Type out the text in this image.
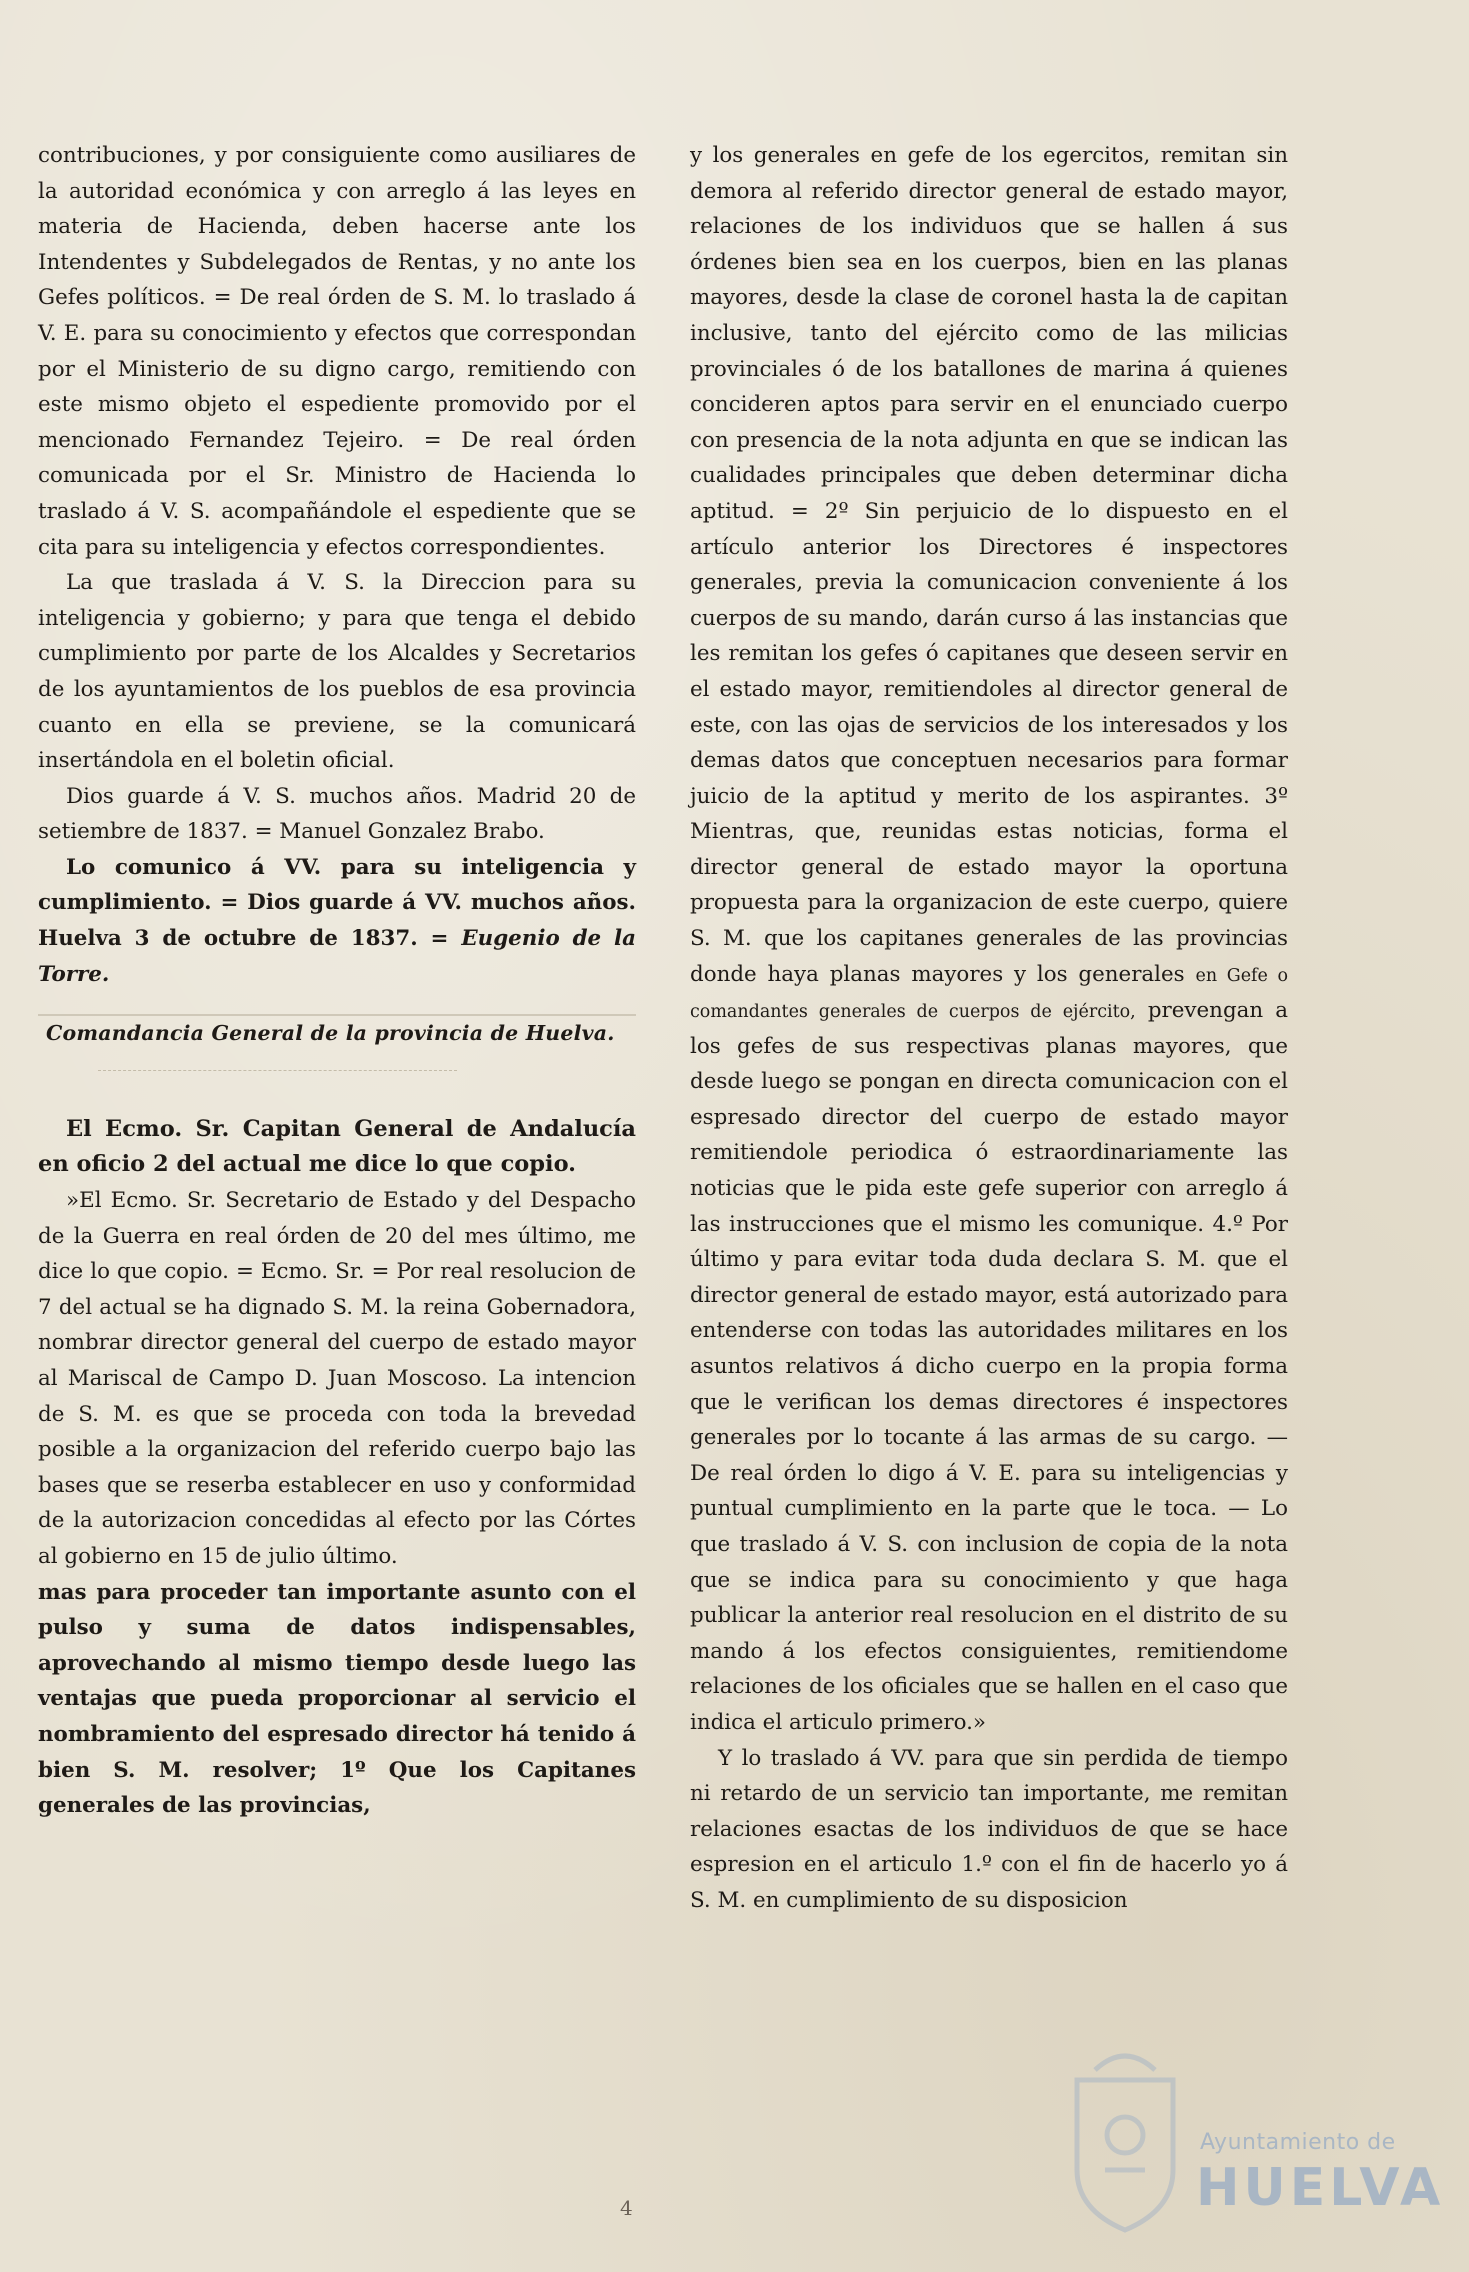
contribuciones, y por consiguiente como ausiliares de la autoridad económica y con arreglo á las leyes en materia de Hacienda, deben hacerse ante los Intendentes y Subdelegados de Rentas, y no ante los Gefes políticos. = De real órden de S. M. lo traslado á V. E. para su conocimiento y efectos que correspondan por el Ministerio de su digno cargo, remitiendo con este mismo objeto el espediente promovido por el mencionado Fernandez Tejeiro. = De real órden comunicada por el Sr. Ministro de Hacienda lo traslado á V. S. acompañándole el espediente que se cita para su inteligencia y efectos correspondientes.

La que traslada á V. S. la Direccion para su inteligencia y gobierno; y para que tenga el debido cumplimiento por parte de los Alcaldes y Secretarios de los ayuntamientos de los pueblos de esa provincia cuanto en ella se previene, se la comunicará insertándola en el boletin oficial.

Dios guarde á V. S. muchos años. Madrid 20 de setiembre de 1837. = Manuel Gonzalez Brabo.

Lo comunico á VV. para su inteligencia y cumplimiento. = Dios guarde á VV. muchos años. Huelva 3 de octubre de 1837. = Eugenio de la Torre.

Comandancia General de la provincia de Huelva.

El Ecmo. Sr. Capitan General de Andalucía en oficio 2 del actual me dice lo que copio.

»El Ecmo. Sr. Secretario de Estado y del Despacho de la Guerra en real órden de 20 del mes último, me dice lo que copio. = Ecmo. Sr. = Por real resolucion de 7 del actual se ha dignado S. M. la reina Gobernadora, nombrar director general del cuerpo de estado mayor al Mariscal de Campo D. Juan Moscoso. La intencion de S. M. es que se proceda con toda la brevedad posible a la organizacion del referido cuerpo bajo las bases que se reserba establecer en uso y conformidad de la autorizacion concedidas al efecto por las Córtes al gobierno en 15 de julio último.

mas para proceder tan importante asunto con el pulso y suma de datos indispensables, aprovechando al mismo tiempo desde luego las ventajas que pueda proporcionar al servicio el nombramiento del espresado director há tenido á bien S. M. resolver; 1º Que los Capitanes generales de las provincias,

y los generales en gefe de los egercitos, remitan sin demora al referido director general de estado mayor, relaciones de los individuos que se hallen á sus órdenes bien sea en los cuerpos, bien en las planas mayores, desde la clase de coronel hasta la de capitan inclusive, tanto del ejército como de las milicias provinciales ó de los batallones de marina á quienes concideren aptos para servir en el enunciado cuerpo con presencia de la nota adjunta en que se indican las cualidades principales que deben determinar dicha aptitud. = 2º Sin perjuicio de lo dispuesto en el artículo anterior los Directores é inspectores generales, previa la comunicacion conveniente á los cuerpos de su mando, darán curso á las instancias que les remitan los gefes ó capitanes que deseen servir en el estado mayor, remitiendoles al director general de este, con las ojas de servicios de los interesados y los demas datos que conceptuen necesarios para formar juicio de la aptitud y merito de los aspirantes. 3º Mientras, que, reunidas estas noticias, forma el director general de estado mayor la oportuna propuesta para la organizacion de este cuerpo, quiere S. M. que los capitanes generales de las provincias donde haya planas mayores y los generales en Gefe o comandantes generales de cuerpos de ejército, prevengan a los gefes de sus respectivas planas mayores, que desde luego se pongan en directa comunicacion con el espresado director del cuerpo de estado mayor remitiendole periodica ó estraordinariamente las noticias que le pida este gefe superior con arreglo á las instrucciones que el mismo les comunique. 4.º Por último y para evitar toda duda declara S. M. que el director general de estado mayor, está autorizado para entenderse con todas las autoridades militares en los asuntos relativos á dicho cuerpo en la propia forma que le verifican los demas directores é inspectores generales por lo tocante á las armas de su cargo. — De real órden lo digo á V. E. para su inteligencias y puntual cumplimiento en la parte que le toca. — Lo que traslado á V. S. con inclusion de copia de la nota que se indica para su conocimiento y que haga publicar la anterior real resolucion en el distrito de su mando á los efectos consiguientes, remitiendome relaciones de los oficiales que se hallen en el caso que indica el articulo primero.»

Y lo traslado á VV. para que sin perdida de tiempo ni retardo de un servicio tan importante, me remitan relaciones esactas de los individuos de que se hace espresion en el articulo 1.º con el fin de hacerlo yo á S. M. en cumplimiento de su disposicion

4
Ayuntamiento de
HUELVA
